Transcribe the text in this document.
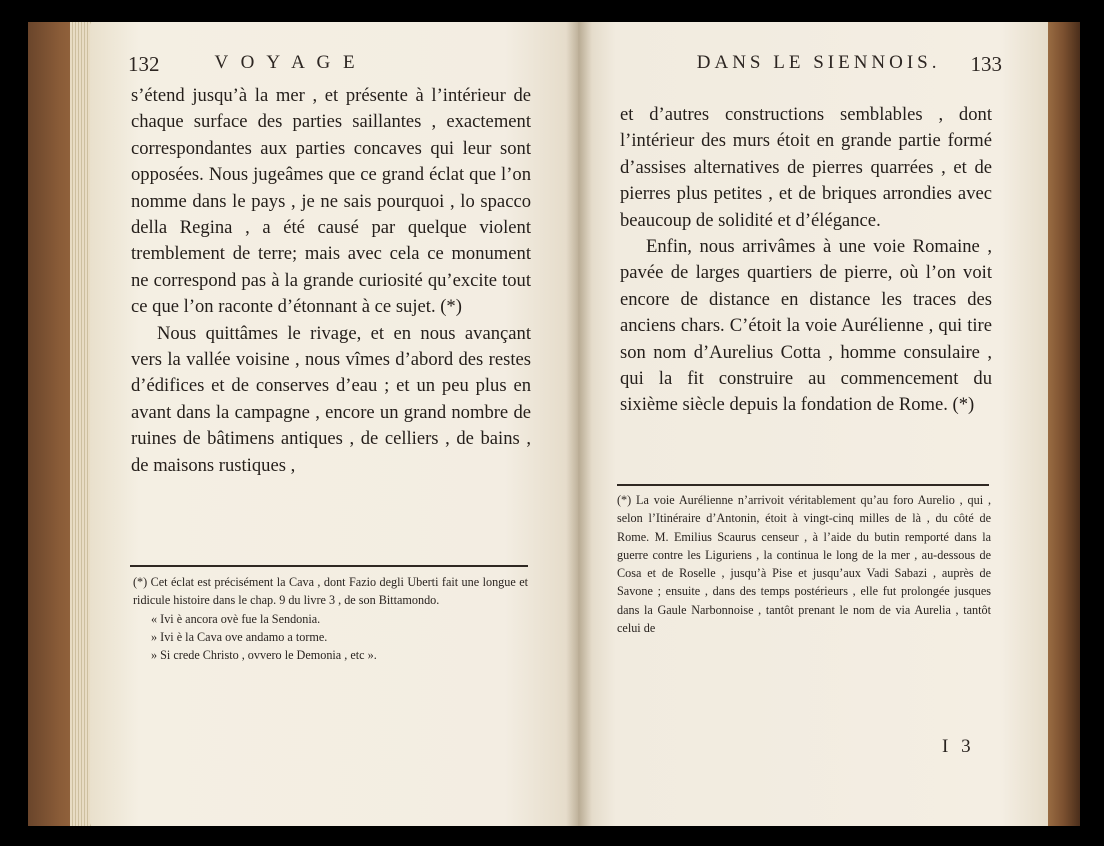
132	V O Y A G E

s’étend jusqu’à la mer , et présente à l’intérieur de chaque surface des parties saillantes , exactement correspondantes aux parties concaves qui leur sont opposées. Nous jugeâmes que ce grand éclat que l’on nomme dans le pays , je ne sais pourquoi , lo spacco della Regina , a été causé par quelque violent tremblement de terre; mais avec cela ce monument ne correspond pas à la grande curiosité qu’excite tout ce que l’on raconte d’étonnant à ce sujet. (*)

Nous quittâmes le rivage, et en nous avançant vers la vallée voisine , nous vîmes d’abord des restes d’édifices et de conserves d’eau ; et un peu plus en avant dans la campagne , encore un grand nombre de ruines de bâtimens antiques , de celliers , de bains , de maisons rustiques ,

(*) Cet éclat est précisément la Cava , dont Fazio degli Uberti fait une longue et ridicule histoire dans le chap. 9 du livre 3 , de son Bittamondo.

« Ivi è ancora ovè fue la Sendonia.

» Ivi è la Cava ove andamo a torme.

» Si crede Christo , ovvero le Demonia , etc ».

DANS LE SIENNOIS. 133

et d’autres constructions semblables , dont l’intérieur des murs étoit en grande partie formé d’assises alternatives de pierres quarrées , et de pierres plus petites , et de briques arrondies avec beaucoup de solidité et d’élégance.

Enfin, nous arrivâmes à une voie Romaine , pavée de larges quartiers de pierre, où l’on voit encore de distance en distance les traces des anciens chars. C’étoit la voie Aurélienne , qui tire son nom d’Aurelius Cotta , homme consulaire , qui la fit construire au commencement du sixième siècle depuis la fondation de Rome. (*)

(*) La voie Aurélienne n’arrivoit véritablement qu’au foro Aurelio , qui , selon l’Itinéraire d’Antonin, étoit à vingt-cinq milles de là , du côté de Rome. M. Emilius Scaurus censeur , à l’aide du butin remporté dans la guerre contre les Liguriens , la continua le long de la mer , au-dessous de Cosa et de Roselle , jusqu’à Pise et jusqu’aux Vadi Sabazi , auprès de Savone ; ensuite , dans des temps postérieurs , elle fut prolongée jusques dans la Gaule Narbonnoise , tantôt prenant le nom de via Aurelia , tantôt celui de

I 3
